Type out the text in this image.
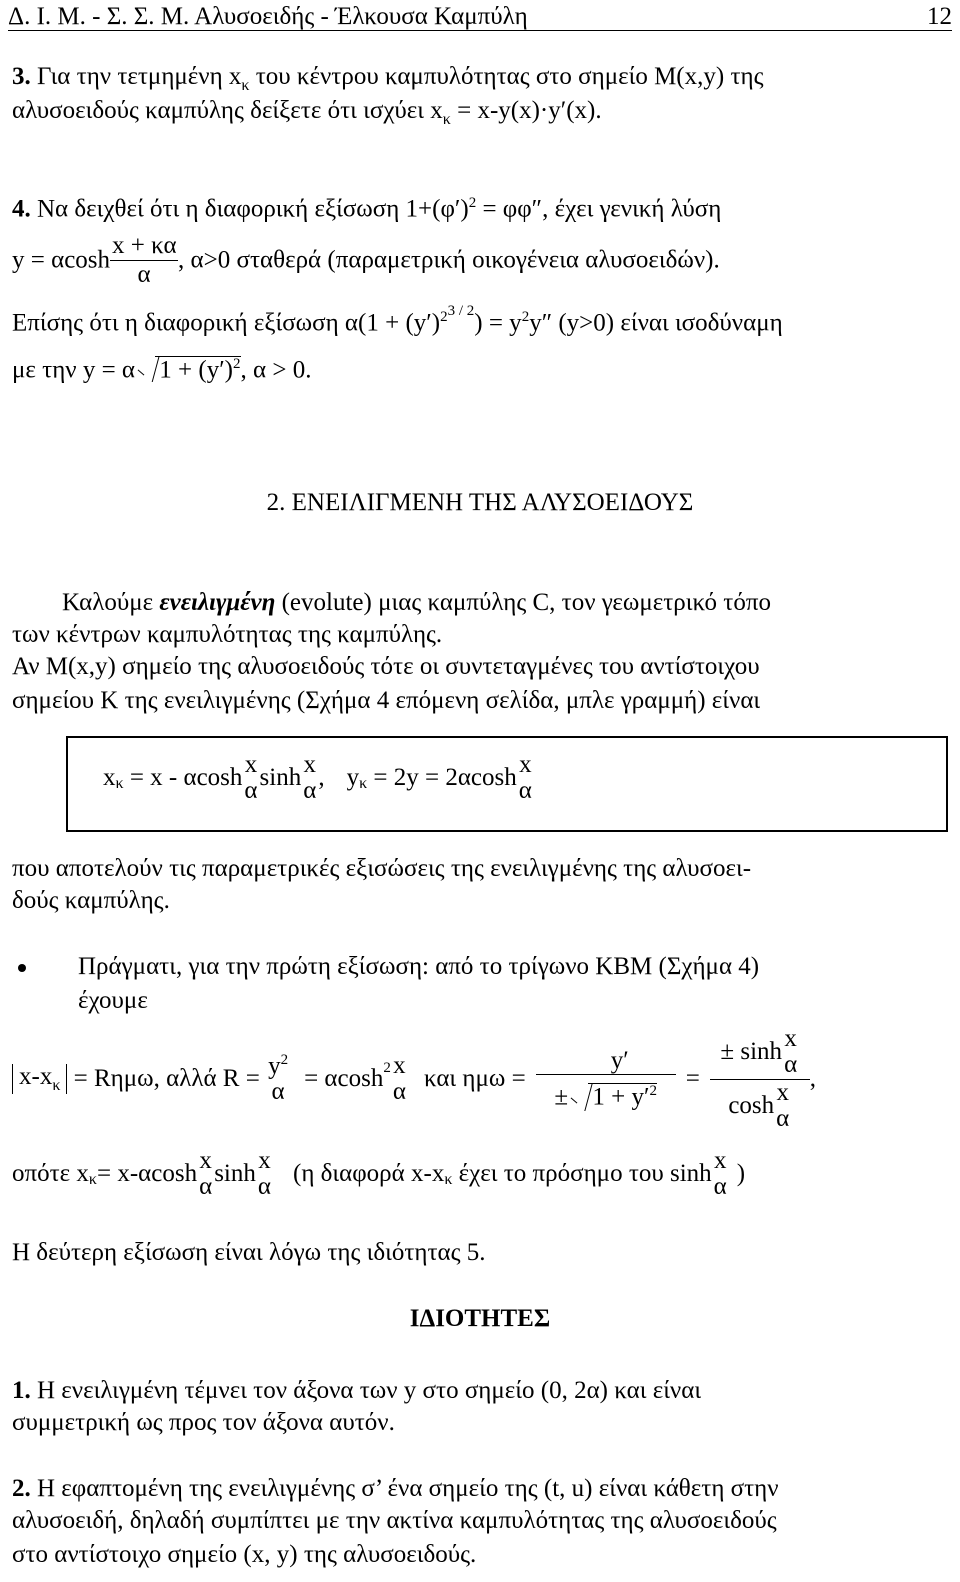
Δ. Ι. Μ. - Σ. Σ. Μ. Αλυσοειδής - Έλκουσα Καμπύλη	12
3. Για την τετμημένη $x_\kappa$ του κέντρου καμπυλότητας στο σημείο Μ(x,y) της
αλυσοειδούς καμπύλης δείξετε ότι ισχύει $x_\kappa = x-y(x)\cdot y'(x)$.
4. Να δειχθεί ότι η διαφορική εξίσωση $1+(\varphi')^2 = \varphi\varphi''$, έχει γενική λύση
y = αcosh $\frac{x + \kappa\alpha}{\alpha}$ , α>0 σταθερά (παραμετρική οικογένεια αλυσοειδών).
Επίσης ότι η διαφορική εξίσωση $\alpha(1 + (y')^{23 / 2}) = y^2y''$ (y>0) είναι ισοδύναμη
με την y = α $1 + (y')^2$, α > 0.
2. ΕΝΕΙΛΙΓΜΕΝΗ ΤΗΣ ΑΛΥΣΟΕΙΔΟΥΣ
Καλούμε ενειλιγμένη (evolute) μιας καμπύλης C, τον γεωμετρικό τόπο
των κέντρων καμπυλότητας της καμπύλης.
Αν Μ(x,y) σημείο της αλυσοειδούς τότε οι συντεταγμένες του αντίστοιχου
σημείου Κ της ενειλιγμένης (Σχήμα 4 επόμενη σελίδα, μπλε γραμμή) είναι
$x_\kappa = x - \alpha\cosh$ x
α sinh x
α , $y_\kappa = 2y = 2\alpha\cosh$ x
α
που αποτελούν τις παραμετρικές εξισώσεις της ενειλιγμένης της αλυσοει-
δούς καμπύλης.
Πράγματι, για την πρώτη εξίσωση: από το τρίγωνο ΚΒΜ (Σχήμα 4)
έχουμε
$x-x_\kappa = R\eta\mu\omega$, αλλά $R = y^2$
α = αcosh$^2$ x
α και $\eta\mu\omega = \frac{y'}{\pm 1 + y'^2}$ = ± sinh x
α
cosh x
α ,
οπότε $x_\kappa= x-\alpha\cosh$ x
α sinh x
α (η διαφορά $x-x_\kappa$ έχει το πρόσημο του sinh x
α )
Η δεύτερη εξίσωση είναι λόγω της ιδιότητας 5.
ΙΔΙΟΤΗΤΕΣ
1. Η ενειλιγμένη τέμνει τον άξονα των y στο σημείο (0, 2α) και είναι
συμμετρική ως προς τον άξονα αυτόν.
2. Η εφαπτομένη της ενειλιγμένης σ’ ένα σημείο της (t, u) είναι κάθετη στην
αλυσοειδή, δηλαδή συμπίπτει με την ακτίνα καμπυλότητας της αλυσοειδούς
στο αντίστοιχο σημείο (x, y) της αλυσοειδούς.
